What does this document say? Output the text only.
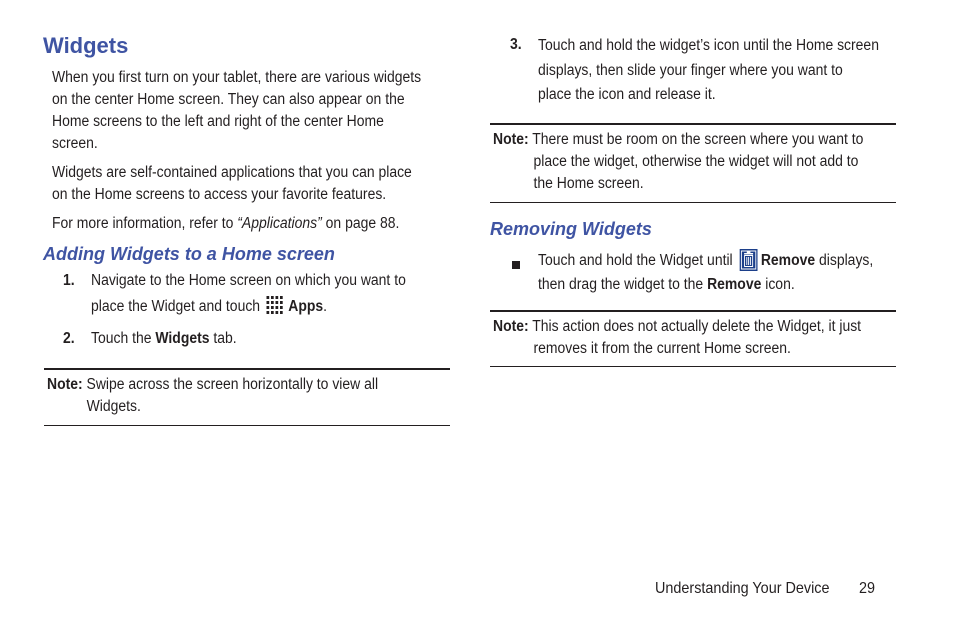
Widgets
When you first turn on your tablet, there are various widgets
on the center Home screen. They can also appear on the
Home screens to the left and right of the center Home
screen.
Widgets are self-contained applications that you can place
on the Home screens to access your favorite features.
For more information, refer to “Applications” on page 88.
Adding Widgets to a Home screen
1. Navigate to the Home screen on which you want to
place the Widget and touch Apps.
2. Touch the Widgets tab.
Note: Swipe across the screen horizontally to view all
Widgets.
3. Touch and hold the widget’s icon until the Home screen
displays, then slide your finger where you want to
place the icon and release it.
Note: There must be room on the screen where you want to
place the widget, otherwise the widget will not add to
the Home screen.
Removing Widgets
Touch and hold the Widget until Remove displays,
then drag the widget to the Remove icon.
Note: This action does not actually delete the Widget, it just
removes it from the current Home screen.
Understanding Your Device 29
